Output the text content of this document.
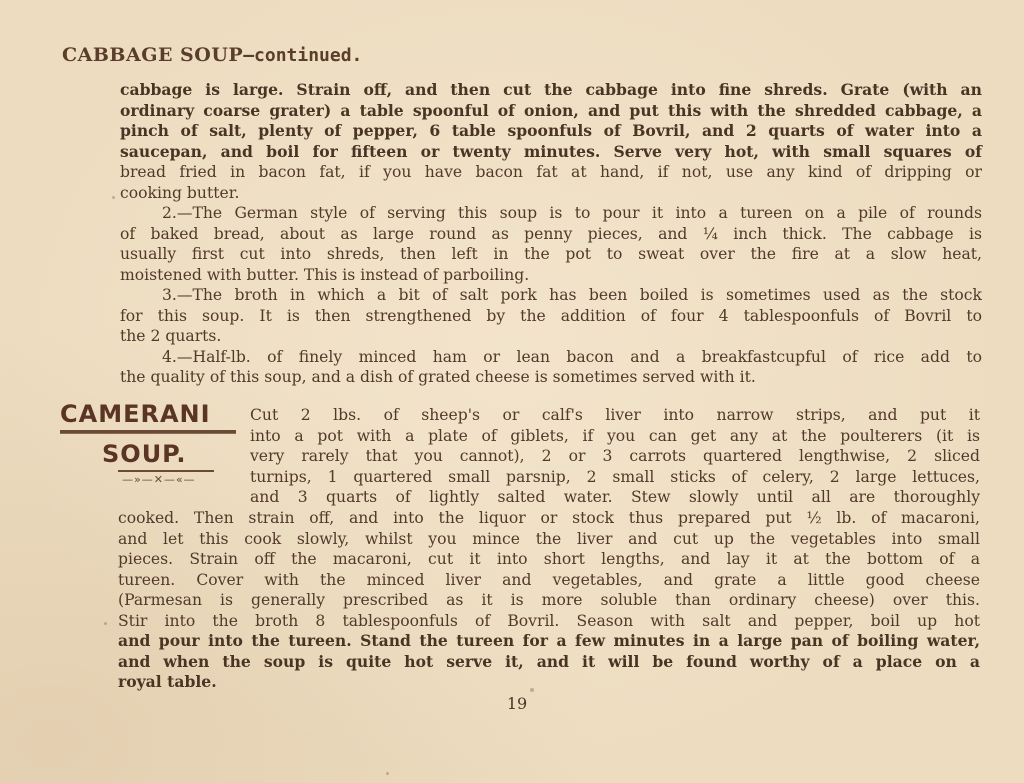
CABBAGE SOUP—continued.
cabbage is large. Strain off, and then cut the cabbage into fine shreds. Grate (with an
ordinary coarse grater) a table spoonful of onion, and put this with the shredded cabbage, a
pinch of salt, plenty of pepper, 6 table spoonfuls of Bovril, and 2 quarts of water into a
saucepan, and boil for fifteen or twenty minutes. Serve very hot, with small squares of
bread fried in bacon fat, if you have bacon fat at hand, if not, use any kind of dripping or
cooking butter.
2.—The German style of serving this soup is to pour it into a tureen on a pile of rounds
of baked bread, about as large round as penny pieces, and ¼ inch thick. The cabbage is
usually first cut into shreds, then left in the pot to sweat over the fire at a slow heat,
moistened with butter. This is instead of parboiling.
3.—The broth in which a bit of salt pork has been boiled is sometimes used as the stock
for this soup. It is then strengthened by the addition of four 4 tablespoonfuls of Bovril to
the 2 quarts.
4.—Half-lb. of finely minced ham or lean bacon and a breakfastcupful of rice add to
the quality of this soup, and a dish of grated cheese is sometimes served with it.
CAMERANI
SOUP.
—»—✕—«—
Cut 2 lbs. of sheep's or calf's liver into narrow strips, and put it
into a pot with a plate of giblets, if you can get any at the poulterers (it is
very rarely that you cannot), 2 or 3 carrots quartered lengthwise, 2 sliced
turnips, 1 quartered small parsnip, 2 small sticks of celery, 2 large lettuces,
and 3 quarts of lightly salted water. Stew slowly until all are thoroughly
cooked. Then strain off, and into the liquor or stock thus prepared put ½ lb. of macaroni,
and let this cook slowly, whilst you mince the liver and cut up the vegetables into small
pieces. Strain off the macaroni, cut it into short lengths, and lay it at the bottom of a
tureen. Cover with the minced liver and vegetables, and grate a little good cheese
(Parmesan is generally prescribed as it is more soluble than ordinary cheese) over this.
Stir into the broth 8 tablespoonfuls of Bovril. Season with salt and pepper, boil up hot
and pour into the tureen. Stand the tureen for a few minutes in a large pan of boiling water,
and when the soup is quite hot serve it, and it will be found worthy of a place on a
royal table.
19
